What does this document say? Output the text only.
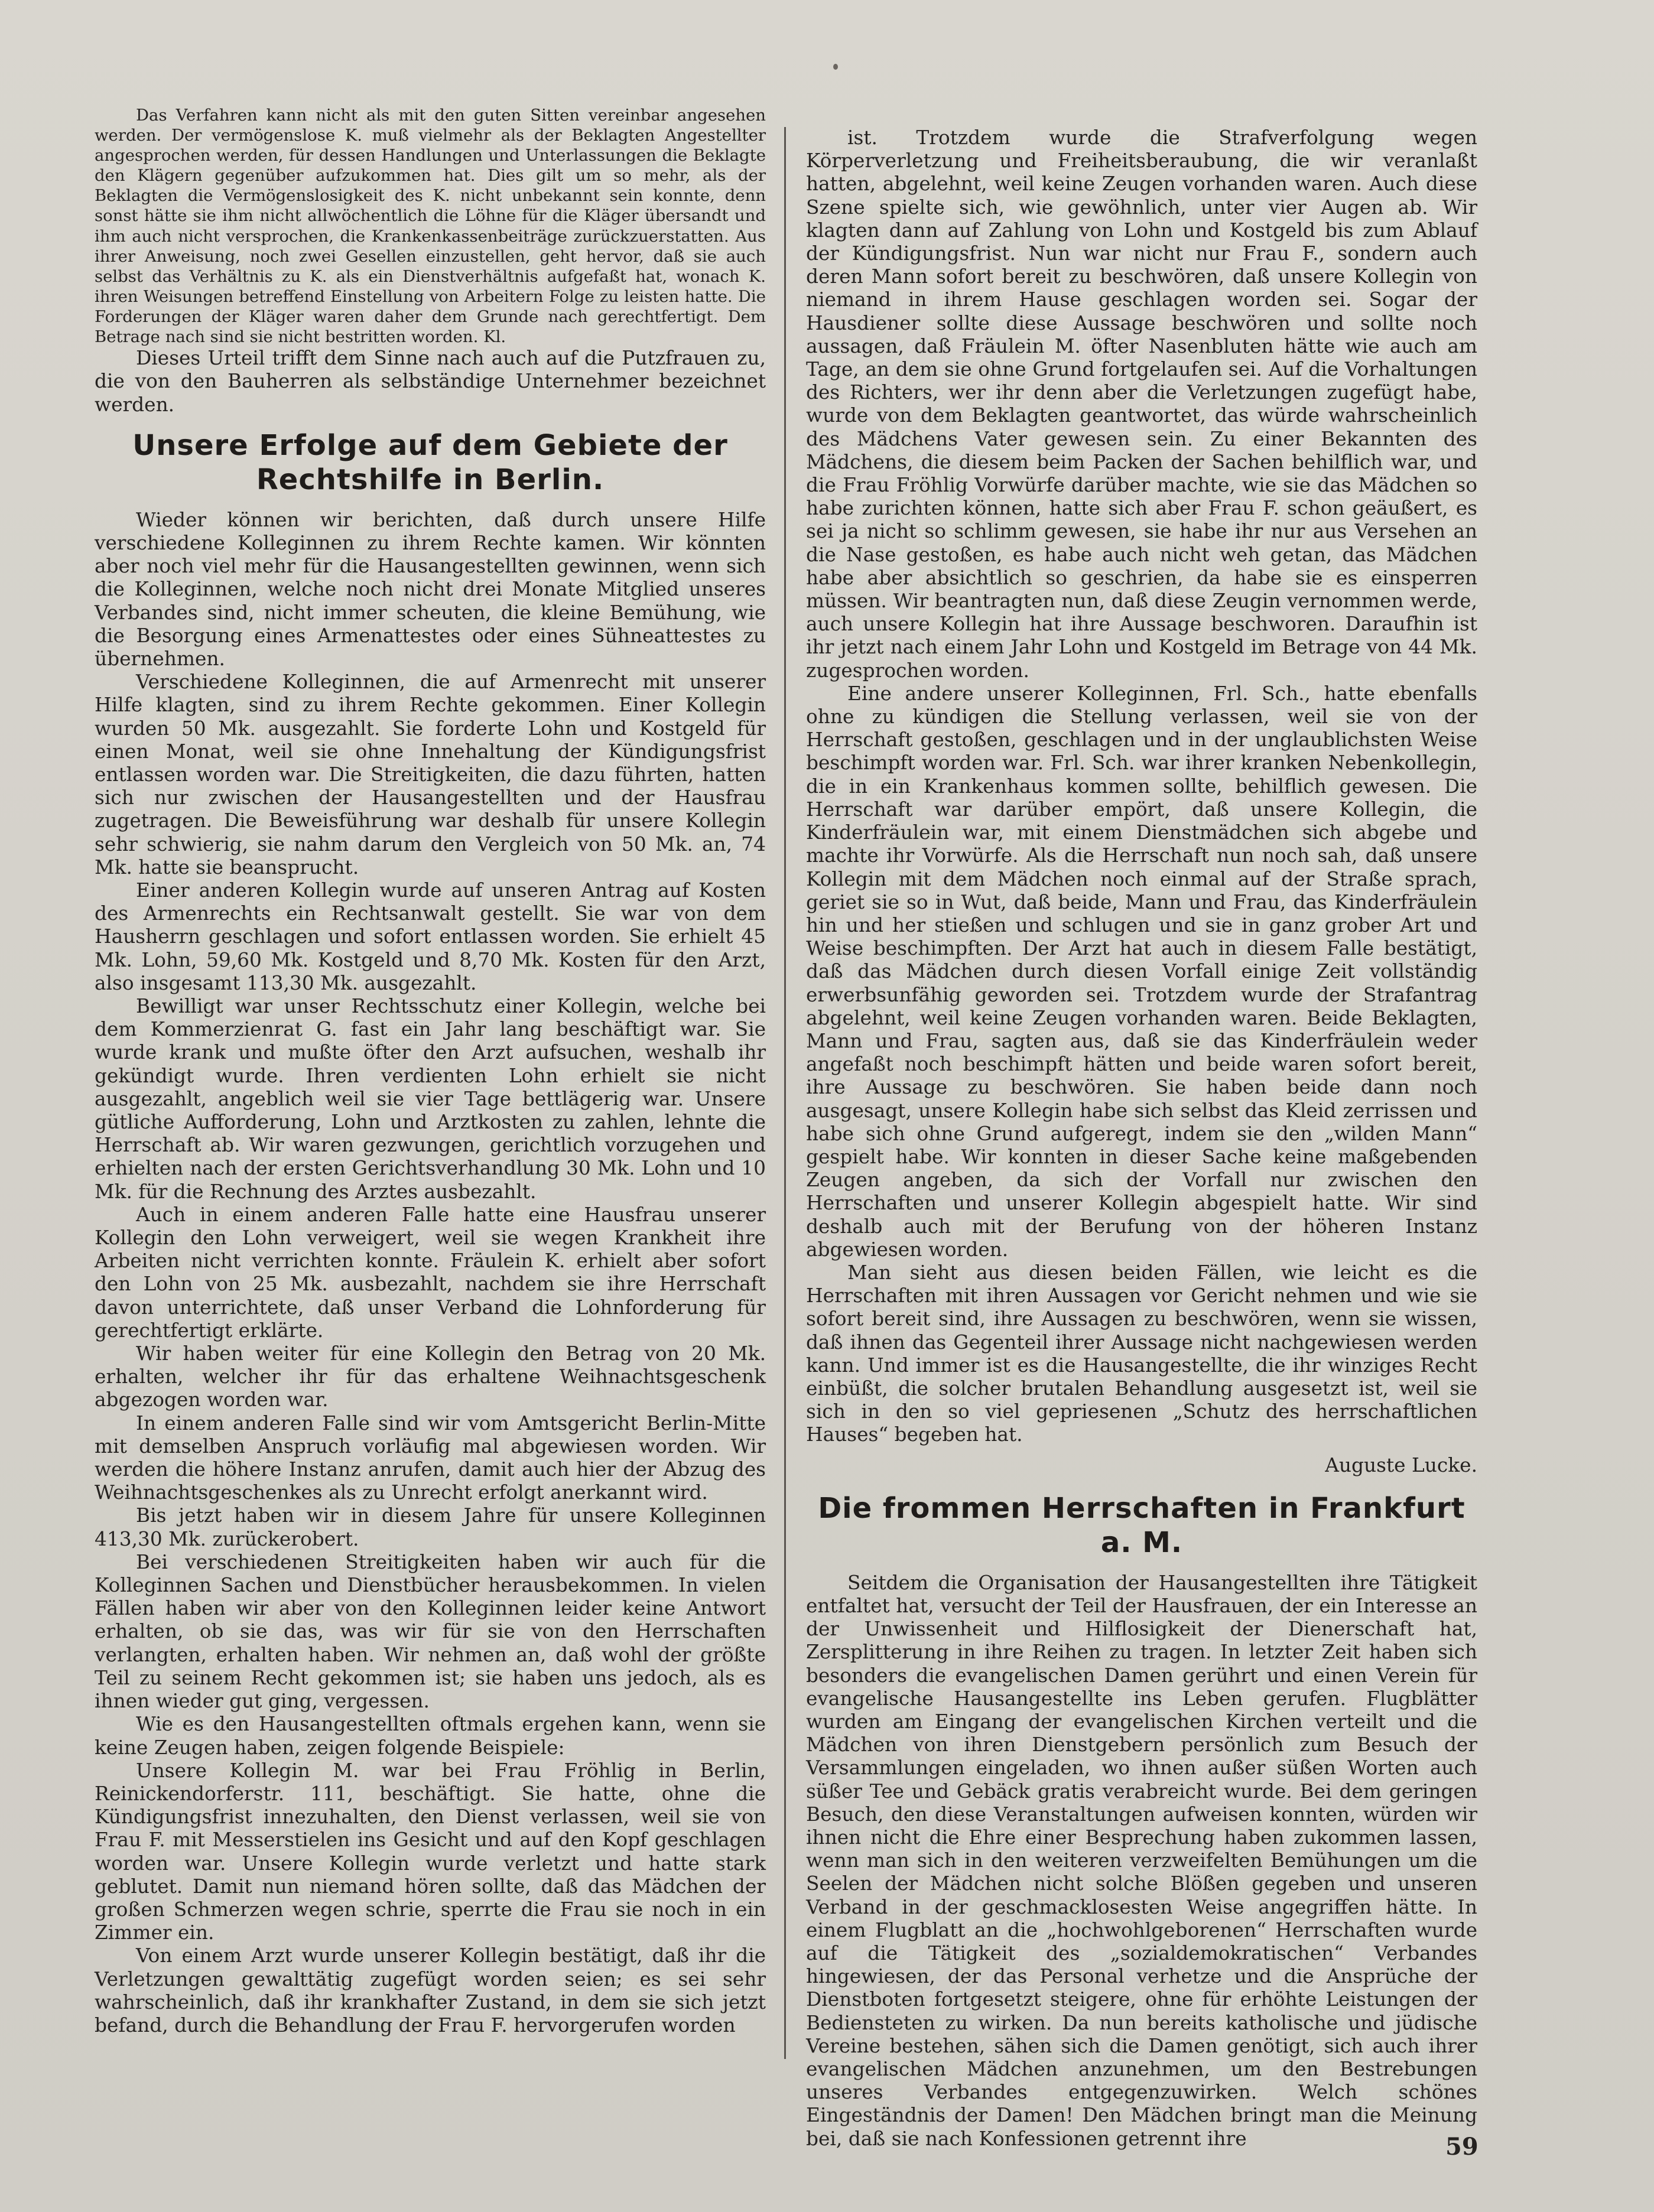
Das Verfahren kann nicht als mit den guten Sitten vereinbar angesehen werden. Der vermögenslose K. muß vielmehr als der Beklagten Angestellter angesprochen werden, für dessen Handlungen und Unterlassungen die Beklagte den Klägern gegenüber aufzukommen hat. Dies gilt um so mehr, als der Beklagten die Vermögenslosigkeit des K. nicht unbekannt sein konnte, denn sonst hätte sie ihm nicht allwöchentlich die Löhne für die Kläger übersandt und ihm auch nicht versprochen, die Krankenkassenbeiträge zurückzuerstatten. Aus ihrer Anweisung, noch zwei Gesellen einzustellen, geht hervor, daß sie auch selbst das Verhältnis zu K. als ein Dienstverhältnis aufgefaßt hat, wonach K. ihren Weisungen betreffend Einstellung von Arbeitern Folge zu leisten hatte. Die Forderungen der Kläger waren daher dem Grunde nach gerechtfertigt. Dem Betrage nach sind sie nicht bestritten worden. Kl.

Dieses Urteil trifft dem Sinne nach auch auf die Putzfrauen zu, die von den Bauherren als selbständige Unternehmer bezeichnet werden.

Unsere Erfolge auf dem Gebiete der Rechtshilfe in Berlin.

Wieder können wir berichten, daß durch unsere Hilfe verschiedene Kolleginnen zu ihrem Rechte kamen. Wir könnten aber noch viel mehr für die Hausangestellten gewinnen, wenn sich die Kolleginnen, welche noch nicht drei Monate Mitglied unseres Verbandes sind, nicht immer scheuten, die kleine Bemühung, wie die Besorgung eines Armenattestes oder eines Sühneattestes zu übernehmen.

Verschiedene Kolleginnen, die auf Armenrecht mit unserer Hilfe klagten, sind zu ihrem Rechte gekommen. Einer Kollegin wurden 50 Mk. ausgezahlt. Sie forderte Lohn und Kostgeld für einen Monat, weil sie ohne Innehaltung der Kündigungsfrist entlassen worden war. Die Streitigkeiten, die dazu führten, hatten sich nur zwischen der Hausangestellten und der Hausfrau zugetragen. Die Beweisführung war deshalb für unsere Kollegin sehr schwierig, sie nahm darum den Vergleich von 50 Mk. an, 74 Mk. hatte sie beansprucht.

Einer anderen Kollegin wurde auf unseren Antrag auf Kosten des Armenrechts ein Rechtsanwalt gestellt. Sie war von dem Hausherrn geschlagen und sofort entlassen worden. Sie erhielt 45 Mk. Lohn, 59,60 Mk. Kostgeld und 8,70 Mk. Kosten für den Arzt, also insgesamt 113,30 Mk. ausgezahlt.

Bewilligt war unser Rechtsschutz einer Kollegin, welche bei dem Kommerzienrat G. fast ein Jahr lang beschäftigt war. Sie wurde krank und mußte öfter den Arzt aufsuchen, weshalb ihr gekündigt wurde. Ihren verdienten Lohn erhielt sie nicht ausgezahlt, angeblich weil sie vier Tage bettlägerig war. Unsere gütliche Aufforderung, Lohn und Arztkosten zu zahlen, lehnte die Herrschaft ab. Wir waren gezwungen, gerichtlich vorzugehen und erhielten nach der ersten Gerichtsverhandlung 30 Mk. Lohn und 10 Mk. für die Rechnung des Arztes ausbezahlt.

Auch in einem anderen Falle hatte eine Hausfrau unserer Kollegin den Lohn verweigert, weil sie wegen Krankheit ihre Arbeiten nicht verrichten konnte. Fräulein K. erhielt aber sofort den Lohn von 25 Mk. ausbezahlt, nachdem sie ihre Herrschaft davon unterrichtete, daß unser Verband die Lohnforderung für gerechtfertigt erklärte.

Wir haben weiter für eine Kollegin den Betrag von 20 Mk. erhalten, welcher ihr für das erhaltene Weihnachtsgeschenk abgezogen worden war.

In einem anderen Falle sind wir vom Amtsgericht Berlin-Mitte mit demselben Anspruch vorläufig mal abgewiesen worden. Wir werden die höhere Instanz anrufen, damit auch hier der Abzug des Weihnachtsgeschenkes als zu Unrecht erfolgt anerkannt wird.

Bis jetzt haben wir in diesem Jahre für unsere Kolleginnen 413,30 Mk. zurückerobert.

Bei verschiedenen Streitigkeiten haben wir auch für die Kolleginnen Sachen und Dienstbücher herausbekommen. In vielen Fällen haben wir aber von den Kolleginnen leider keine Antwort erhalten, ob sie das, was wir für sie von den Herrschaften verlangten, erhalten haben. Wir nehmen an, daß wohl der größte Teil zu seinem Recht gekommen ist; sie haben uns jedoch, als es ihnen wieder gut ging, vergessen.

Wie es den Hausangestellten oftmals ergehen kann, wenn sie keine Zeugen haben, zeigen folgende Beispiele:

Unsere Kollegin M. war bei Frau Fröhlig in Berlin, Reinickendorferstr. 111, beschäftigt. Sie hatte, ohne die Kündigungsfrist innezuhalten, den Dienst verlassen, weil sie von Frau F. mit Messerstielen ins Gesicht und auf den Kopf geschlagen worden war. Unsere Kollegin wurde verletzt und hatte stark geblutet. Damit nun niemand hören sollte, daß das Mädchen der großen Schmerzen wegen schrie, sperrte die Frau sie noch in ein Zimmer ein.

Von einem Arzt wurde unserer Kollegin bestätigt, daß ihr die Verletzungen gewalttätig zugefügt worden seien; es sei sehr wahrscheinlich, daß ihr krankhafter Zustand, in dem sie sich jetzt befand, durch die Behandlung der Frau F. hervorgerufen worden

ist. Trotzdem wurde die Strafverfolgung wegen Körperverletzung und Freiheitsberaubung, die wir veranlaßt hatten, abgelehnt, weil keine Zeugen vorhanden waren. Auch diese Szene spielte sich, wie gewöhnlich, unter vier Augen ab. Wir klagten dann auf Zahlung von Lohn und Kostgeld bis zum Ablauf der Kündigungsfrist. Nun war nicht nur Frau F., sondern auch deren Mann sofort bereit zu beschwören, daß unsere Kollegin von niemand in ihrem Hause geschlagen worden sei. Sogar der Hausdiener sollte diese Aussage beschwören und sollte noch aussagen, daß Fräulein M. öfter Nasenbluten hätte wie auch am Tage, an dem sie ohne Grund fortgelaufen sei. Auf die Vorhaltungen des Richters, wer ihr denn aber die Verletzungen zugefügt habe, wurde von dem Beklagten geantwortet, das würde wahrscheinlich des Mädchens Vater gewesen sein. Zu einer Bekannten des Mädchens, die diesem beim Packen der Sachen behilflich war, und die Frau Fröhlig Vorwürfe darüber machte, wie sie das Mädchen so habe zurichten können, hatte sich aber Frau F. schon geäußert, es sei ja nicht so schlimm gewesen, sie habe ihr nur aus Versehen an die Nase gestoßen, es habe auch nicht weh getan, das Mädchen habe aber absichtlich so geschrien, da habe sie es einsperren müssen. Wir beantragten nun, daß diese Zeugin vernommen werde, auch unsere Kollegin hat ihre Aussage beschworen. Daraufhin ist ihr jetzt nach einem Jahr Lohn und Kostgeld im Betrage von 44 Mk. zugesprochen worden.

Eine andere unserer Kolleginnen, Frl. Sch., hatte ebenfalls ohne zu kündigen die Stellung verlassen, weil sie von der Herrschaft gestoßen, geschlagen und in der unglaublichsten Weise beschimpft worden war. Frl. Sch. war ihrer kranken Nebenkollegin, die in ein Krankenhaus kommen sollte, behilflich gewesen. Die Herrschaft war darüber empört, daß unsere Kollegin, die Kinderfräulein war, mit einem Dienstmädchen sich abgebe und machte ihr Vorwürfe. Als die Herrschaft nun noch sah, daß unsere Kollegin mit dem Mädchen noch einmal auf der Straße sprach, geriet sie so in Wut, daß beide, Mann und Frau, das Kinderfräulein hin und her stießen und schlugen und sie in ganz grober Art und Weise beschimpften. Der Arzt hat auch in diesem Falle bestätigt, daß das Mädchen durch diesen Vorfall einige Zeit vollständig erwerbsunfähig geworden sei. Trotzdem wurde der Strafantrag abgelehnt, weil keine Zeugen vorhanden waren. Beide Beklagten, Mann und Frau, sagten aus, daß sie das Kinderfräulein weder angefaßt noch beschimpft hätten und beide waren sofort bereit, ihre Aussage zu beschwören. Sie haben beide dann noch ausgesagt, unsere Kollegin habe sich selbst das Kleid zerrissen und habe sich ohne Grund aufgeregt, indem sie den „wilden Mann“ gespielt habe. Wir konnten in dieser Sache keine maßgebenden Zeugen angeben, da sich der Vorfall nur zwischen den Herrschaften und unserer Kollegin abgespielt hatte. Wir sind deshalb auch mit der Berufung von der höheren Instanz abgewiesen worden.

Man sieht aus diesen beiden Fällen, wie leicht es die Herrschaften mit ihren Aussagen vor Gericht nehmen und wie sie sofort bereit sind, ihre Aussagen zu beschwören, wenn sie wissen, daß ihnen das Gegenteil ihrer Aussage nicht nachgewiesen werden kann. Und immer ist es die Hausangestellte, die ihr winziges Recht einbüßt, die solcher brutalen Behandlung ausgesetzt ist, weil sie sich in den so viel gepriesenen „Schutz des herrschaftlichen Hauses“ begeben hat.

Auguste Lucke.

Die frommen Herrschaften in Frankfurt a. M.

Seitdem die Organisation der Hausangestellten ihre Tätigkeit entfaltet hat, versucht der Teil der Hausfrauen, der ein Interesse an der Unwissenheit und Hilflosigkeit der Dienerschaft hat, Zersplitterung in ihre Reihen zu tragen. In letzter Zeit haben sich besonders die evangelischen Damen gerührt und einen Verein für evangelische Hausangestellte ins Leben gerufen. Flugblätter wurden am Eingang der evangelischen Kirchen verteilt und die Mädchen von ihren Dienstgebern persönlich zum Besuch der Versammlungen eingeladen, wo ihnen außer süßen Worten auch süßer Tee und Gebäck gratis verabreicht wurde. Bei dem geringen Besuch, den diese Veranstaltungen aufweisen konnten, würden wir ihnen nicht die Ehre einer Besprechung haben zukommen lassen, wenn man sich in den weiteren verzweifelten Bemühungen um die Seelen der Mädchen nicht solche Blößen gegeben und unseren Verband in der geschmacklosesten Weise angegriffen hätte. In einem Flugblatt an die „hochwohlgeborenen“ Herrschaften wurde auf die Tätigkeit des „sozialdemokratischen“ Verbandes hingewiesen, der das Personal verhetze und die Ansprüche der Dienstboten fortgesetzt steigere, ohne für erhöhte Leistungen der Bediensteten zu wirken. Da nun bereits katholische und jüdische Vereine bestehen, sähen sich die Damen genötigt, sich auch ihrer evangelischen Mädchen anzunehmen, um den Bestrebungen unseres Verbandes entgegenzuwirken. Welch schönes Eingeständnis der Damen! Den Mädchen bringt man die Meinung bei, daß sie nach Konfessionen getrennt ihre	59
